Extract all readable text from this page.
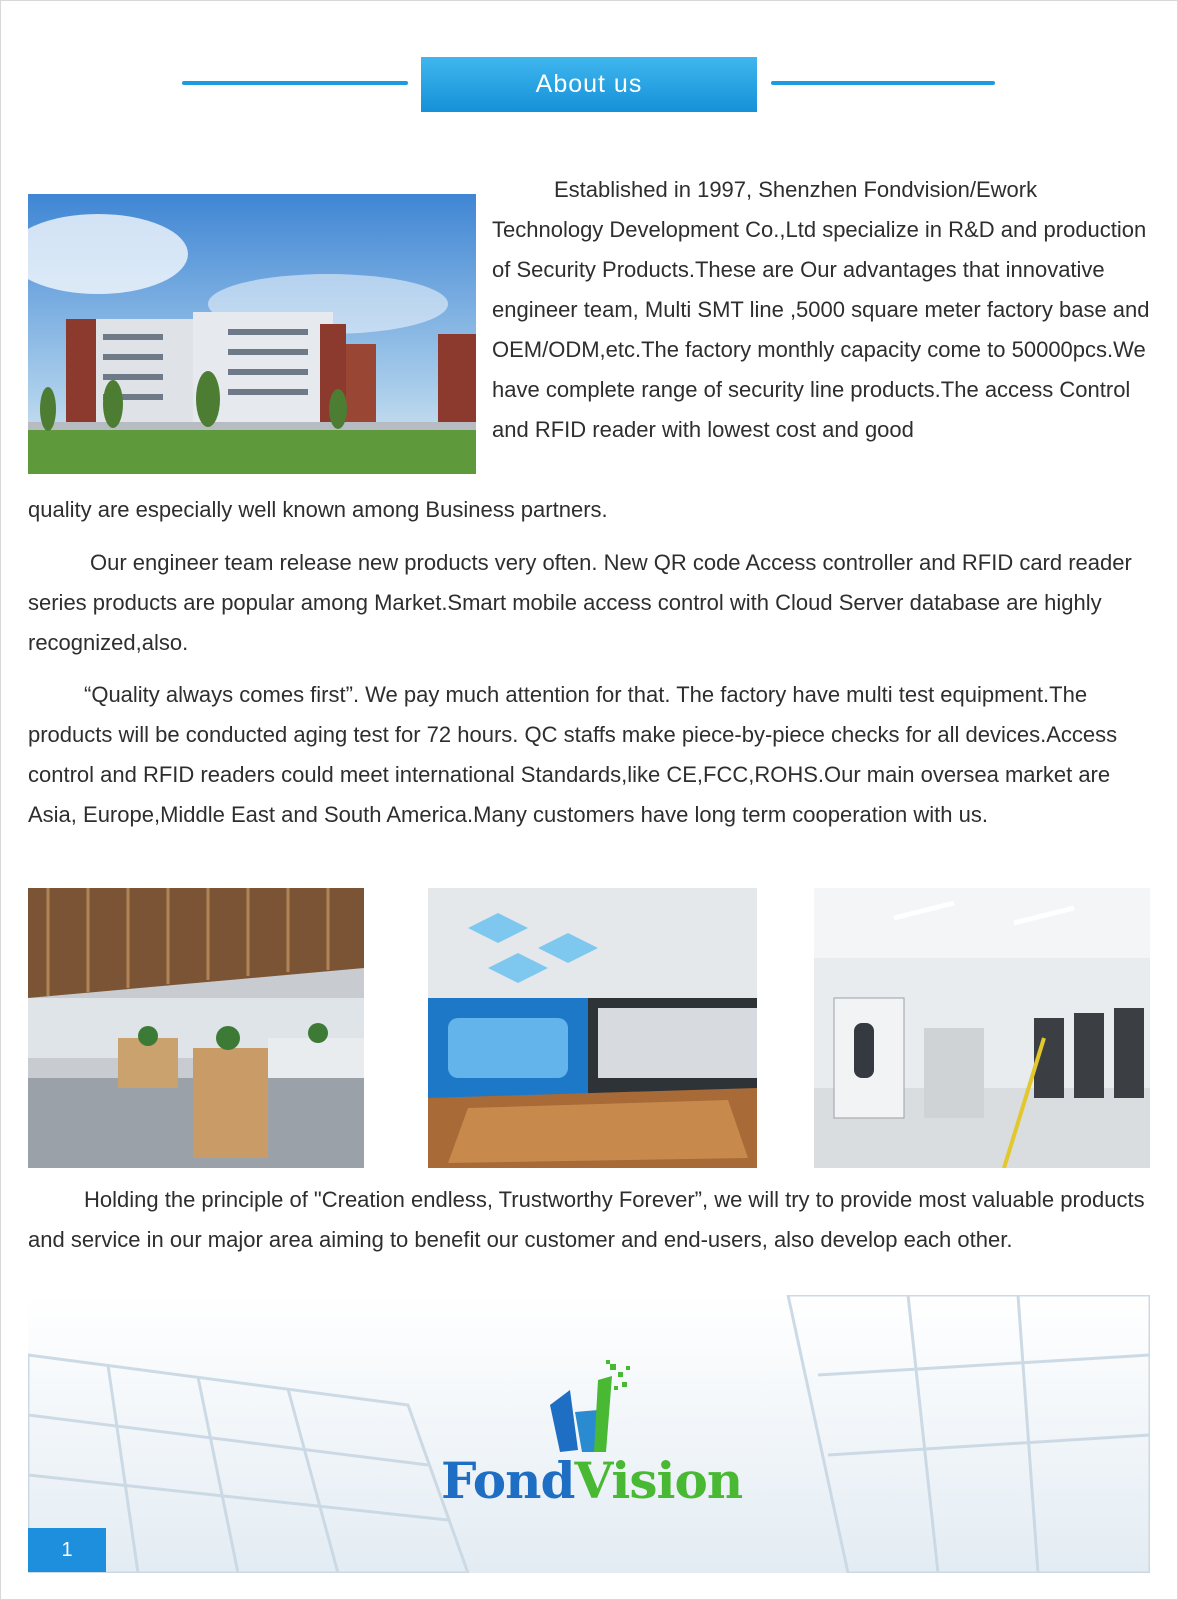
About us

Established in 1997, Shenzhen Fondvision/Ework Technology Development Co.,Ltd specialize in R&D and production of Security Products.These are Our advantages that innovative engineer team, Multi SMT line ,5000 square meter factory base and OEM/ODM,etc.The factory monthly capacity come to 50000pcs.We have complete range of security line products.The access Control and RFID reader with lowest cost and good

quality are especially well known among Business partners.

Our engineer team release new products very often. New QR code Access controller and RFID card reader series products are popular among Market.Smart mobile access control with Cloud Server database are highly recognized,also.

“Quality always comes first”. We pay much attention for that. The factory have multi test equipment.The products will be conducted aging test for 72 hours. QC staffs make piece-by-piece checks for all devices.Access control and RFID readers could meet international Standards,like CE,FCC,ROHS.Our main oversea market are Asia, Europe,Middle East and South America.Many customers have long term cooperation with us.

Holding the principle of "Creation endless, Trustworthy Forever”, we will try to provide most valuable products and service in our major area aiming to benefit our customer and end-users, also develop each other.

FondVision
1
